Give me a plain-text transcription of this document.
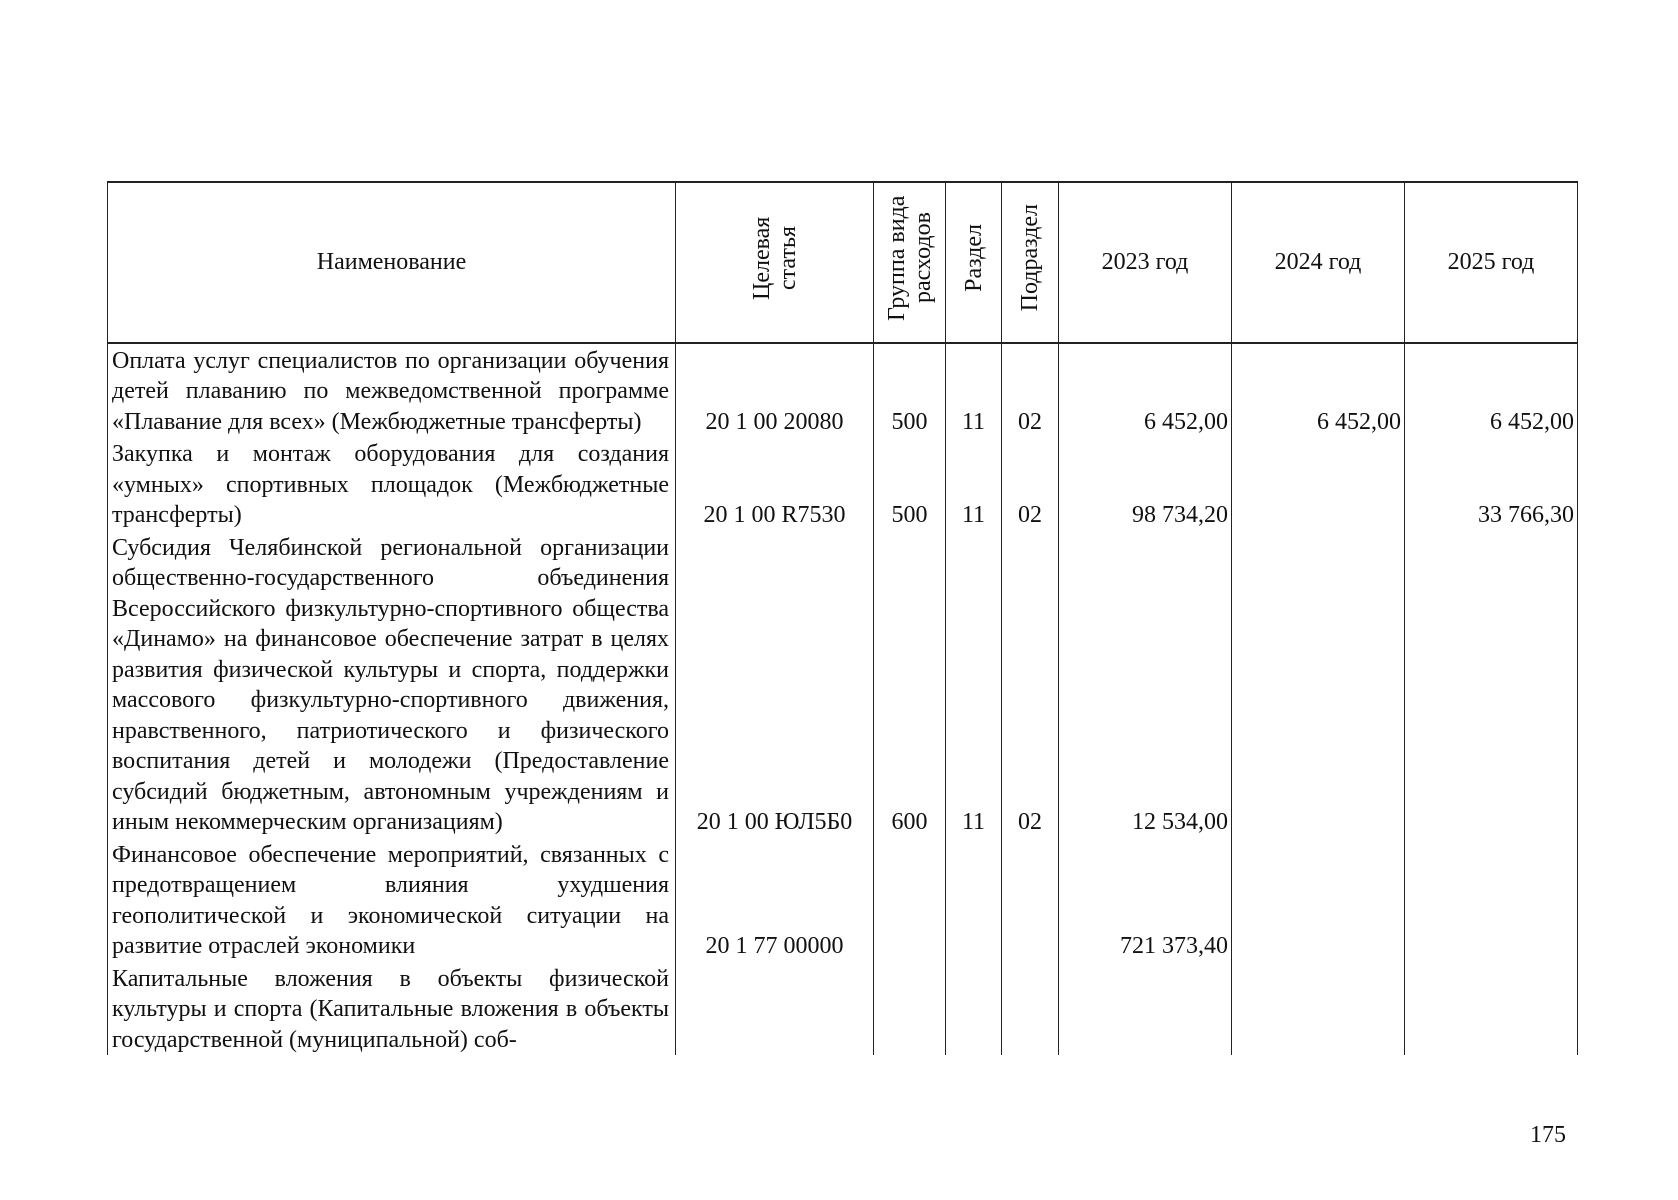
Наименование	Целевая статья	Группа вида расходов	Раздел	Подраздел	2023 год	2024 год	2025 год
Оплата услуг специалистов по организации обучения детей плаванию по межведомственной программе «Плавание для всех» (Межбюджетные трансферты)	20 1 00 20080	500	11	02	6 452,00	6 452,00	6 452,00
Закупка и монтаж оборудования для создания «умных» спортивных площадок (Межбюджетные трансферты)	20 1 00 R7530	500	11	02	98 734,20		33 766,30
Субсидия Челябинской региональной организации общественно-государственного объединения Всероссийского физкультурно-спортивного общества «Динамо» на финансовое обеспечение затрат в целях развития физической культуры и спорта, поддержки массового физкультурно-спортивного движения, нравственного, патриотического и физического воспитания детей и молодежи (Предоставление субсидий бюджетным, автономным учреждениям и иным некоммерческим организациям)	20 1 00 ЮЛ5Б0	600	11	02	12 534,00		
Финансовое обеспечение мероприятий, связанных с предотвращением влияния ухудшения геополитической и экономической ситуации на развитие отраслей экономики	20 1 77 00000				721 373,40		
Капитальные вложения в объекты физической культуры и спорта (Капитальные вложения в объекты государственной (муниципальной) соб-							
175
